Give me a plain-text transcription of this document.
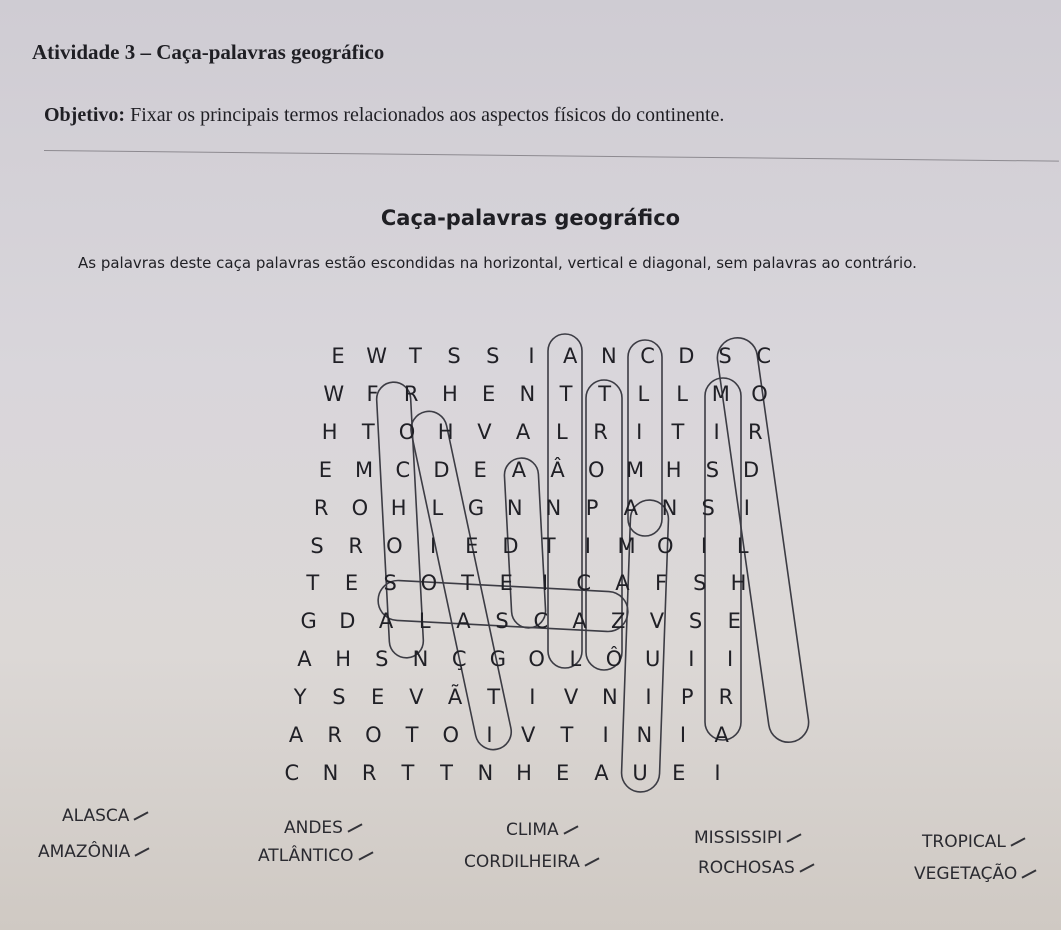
Atividade 3 – Caça-palavras geográfico
Objetivo: Fixar os principais termos relacionados aos aspectos físicos do continente.
Caça-palavras geográfico
As palavras deste caça palavras estão escondidas na horizontal, vertical e diagonal, sem palavras ao contrário.
E	W	T	S	S	I	A	N	C	D	S	C
W	F	R	H	E	N	T	T	L	L	M	O
H	T	O	H	V	A	L	R	I	T	I	R
E	M	C	D	E	A	Â	O	M	H	S	D
R	O	H	L	G	N	N	P	A	N	S	I
S	R	O	I	E	D	T	I	M	O	I	L
T	E	S	O	T	E	I	C	A	F	S	H
G	D	A	L	A	S	C	A	Z	V	S	E
A	H	S	N	Ç	G	O	L	Ô	U	I	I
Y	S	E	V	Ã	T	I	V	N	I	P	R
A	R	O	T	O	I	V	T	I	N	I	A
C	N	R	T	T	N	H	E	A	U	E	I
ALASCA
AMAZÔNIA
ANDES
ATLÂNTICO
CLIMA
CORDILHEIRA
MISSISSIPI
ROCHOSAS
TROPICAL
VEGETAÇÃO
